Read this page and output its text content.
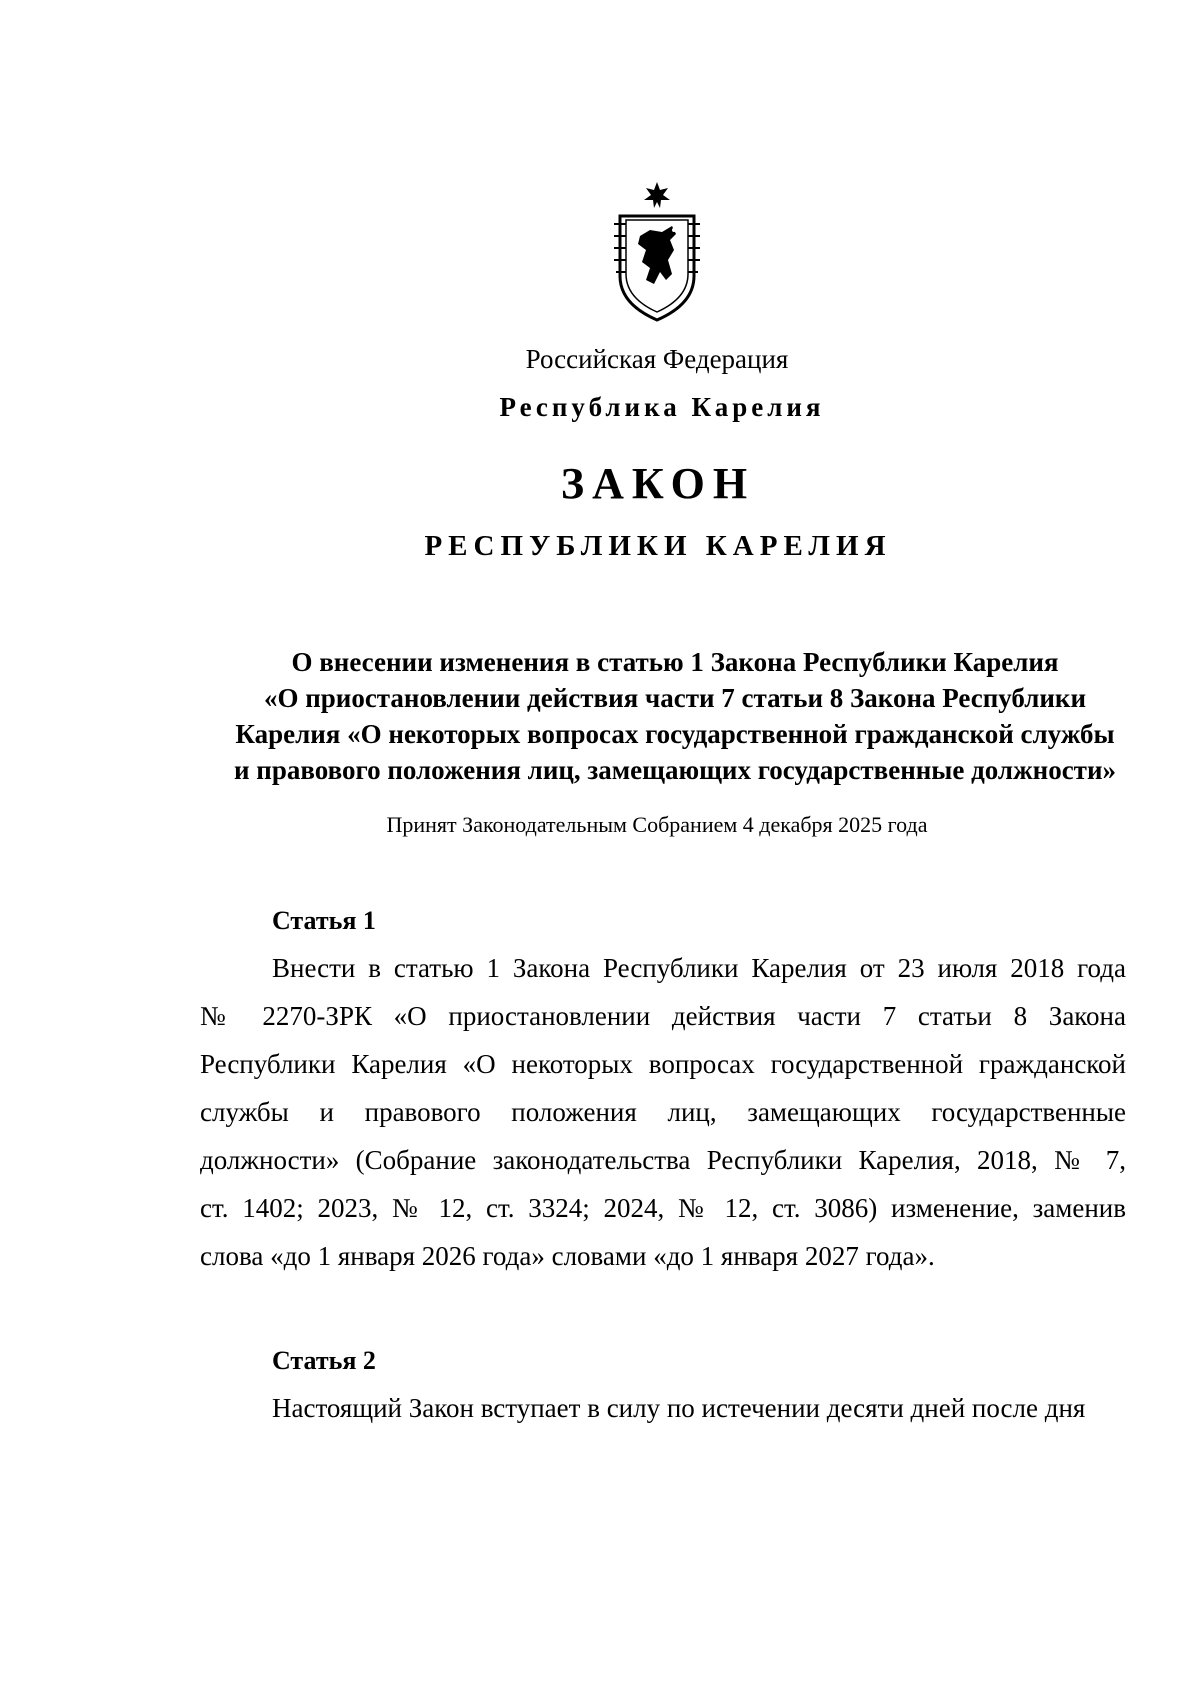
Российская Федерация
Республика Карелия
ЗАКОН
РЕСПУБЛИКИ КАРЕЛИЯ
О внесении изменения в статью 1 Закона Республики Карелия
«О приостановлении действия части 7 статьи 8 Закона Республики
Карелия «О некоторых вопросах государственной гражданской службы
и правового положения лиц, замещающих государственные должности»
Принят Законодательным Собранием 4 декабря 2025 года
Статья 1
Внести в статью 1 Закона Республики Карелия от 23 июля 2018 года
№ 2270-ЗРК «О приостановлении действия части 7 статьи 8 Закона
Республики Карелия «О некоторых вопросах государственной гражданской
службы и правового положения лиц, замещающих государственные
должности» (Собрание законодательства Республики Карелия, 2018, № 7,
ст. 1402; 2023, № 12, ст. 3324; 2024, № 12, ст. 3086) изменение, заменив
слова «до 1 января 2026 года» словами «до 1 января 2027 года».
Статья 2
Настоящий Закон вступает в силу по истечении десяти дней после дня
